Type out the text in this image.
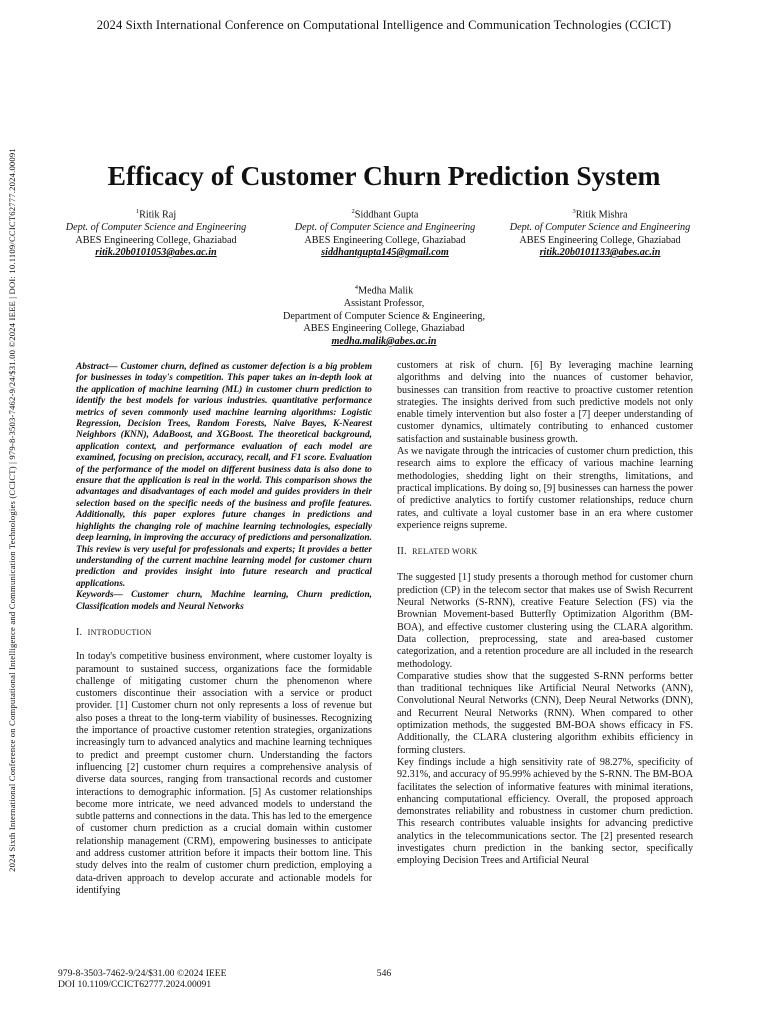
2024 Sixth International Conference on Computational Intelligence and Communication Technologies (CCICT)
2024 Sixth International Conference on Computational Intelligence and Communication Technologies (CCICT) | 979-8-3503-7462-9/24/$31.00 ©2024 IEEE | DOI: 10.1109/CCICT62777.2024.00091	Efficacy of Customer Churn Prediction System
$^1$Ritik Raj
Dept. of Computer Science and Engineering
ABES Engineering College, Ghaziabad
ritik.20b0101053@abes.ac.in
$^2$Siddhant Gupta
Dept. of Computer Science and Engineering
ABES Engineering College, Ghaziabad
siddhantgupta145@gmail.com
$^3$Ritik Mishra
Dept. of Computer Science and Engineering
ABES Engineering College, Ghaziabad
ritik.20b0101133@abes.ac.in
$^4$Medha Malik
Assistant Professor,
Department of Computer Science & Engineering,
ABES Engineering College, Ghaziabad
medha.malik@abes.ac.in

Abstract— Customer churn, defined as customer defection is a big problem for businesses in today's competition. This paper takes an in-depth look at the application of machine learning (ML) in customer churn prediction to identify the best models for various industries. quantitative performance metrics of seven commonly used machine learning algorithms: Logistic Regression, Decision Trees, Random Forests, Naive Bayes, K-Nearest Neighbors (KNN), AdaBoost, and XGBoost. The theoretical background, application context, and performance evaluation of each model are examined, focusing on precision, accuracy, recall, and F1 score. Evaluation of the performance of the model on different business data is also done to ensure that the application is real in the world. This comparison shows the advantages and disadvantages of each model and guides providers in their selection based on the specific needs of the business and profile features. Additionally, this paper explores future changes in predictions and highlights the changing role of machine learning technologies, especially deep learning, in improving the accuracy of predictions and personalization. This review is very useful for professionals and experts; It provides a better understanding of the current machine learning model for customer churn prediction and provides insight into future research and practical applications.

Keywords— Customer churn, Machine learning, Churn prediction, Classification models and Neural Networks

I. INTRODUCTION

In today's competitive business environment, where customer loyalty is paramount to sustained success, organizations face the formidable challenge of mitigating customer churn the phenomenon where customers discontinue their association with a service or product provider. [1] Customer churn not only represents a loss of revenue but also poses a threat to the long-term viability of businesses. Recognizing the importance of proactive customer retention strategies, organizations increasingly turn to advanced analytics and machine learning techniques to predict and preempt customer churn. Understanding the factors influencing [2] customer churn requires a comprehensive analysis of diverse data sources, ranging from transactional records and customer interactions to demographic information. [5] As customer relationships become more intricate, we need advanced models to understand the subtle patterns and connections in the data. This has led to the emergence of customer churn prediction as a crucial domain within customer relationship management (CRM), empowering businesses to anticipate and address customer attrition before it impacts their bottom line. This study delves into the realm of customer churn prediction, employing a data-driven approach to develop accurate and actionable models for identifying

customers at risk of churn. [6] By leveraging machine learning algorithms and delving into the nuances of customer behavior, businesses can transition from reactive to proactive customer retention strategies. The insights derived from such predictive models not only enable timely intervention but also foster a [7] deeper understanding of customer dynamics, ultimately contributing to enhanced customer satisfaction and sustainable business growth.

As we navigate through the intricacies of customer churn prediction, this research aims to explore the efficacy of various machine learning methodologies, shedding light on their strengths, limitations, and practical implications. By doing so, [9] businesses can harness the power of predictive analytics to fortify customer relationships, reduce churn rates, and cultivate a loyal customer base in an era where customer experience reigns supreme.

II. RELATED WORK

The suggested [1] study presents a thorough method for customer churn prediction (CP) in the telecom sector that makes use of Swish Recurrent Neural Networks (S-RNN), creative Feature Selection (FS) via the Brownian Movement-based Butterfly Optimization Algorithm (BM-BOA), and effective customer clustering using the CLARA algorithm. Data collection, preprocessing, state and area-based customer categorization, and a retention procedure are all included in the research methodology.

Comparative studies show that the suggested S-RNN performs better than traditional techniques like Artificial Neural Networks (ANN), Convolutional Neural Networks (CNN), Deep Neural Networks (DNN), and Recurrent Neural Networks (RNN). When compared to other optimization methods, the suggested BM-BOA shows efficacy in FS. Additionally, the CLARA clustering algorithm exhibits efficiency in forming clusters.

Key findings include a high sensitivity rate of 98.27%, specificity of 92.31%, and accuracy of 95.99% achieved by the S-RNN. The BM-BOA facilitates the selection of informative features with minimal iterations, enhancing computational efficiency. Overall, the proposed approach demonstrates reliability and robustness in customer churn prediction. This research contributes valuable insights for advancing predictive analytics in the telecommunications sector. The [2] presented research investigates churn prediction in the banking sector, specifically employing Decision Trees and Artificial Neural

979-8-3503-7462-9/24/$31.00 ©2024 IEEE
DOI 10.1109/CCICT62777.2024.00091
546
